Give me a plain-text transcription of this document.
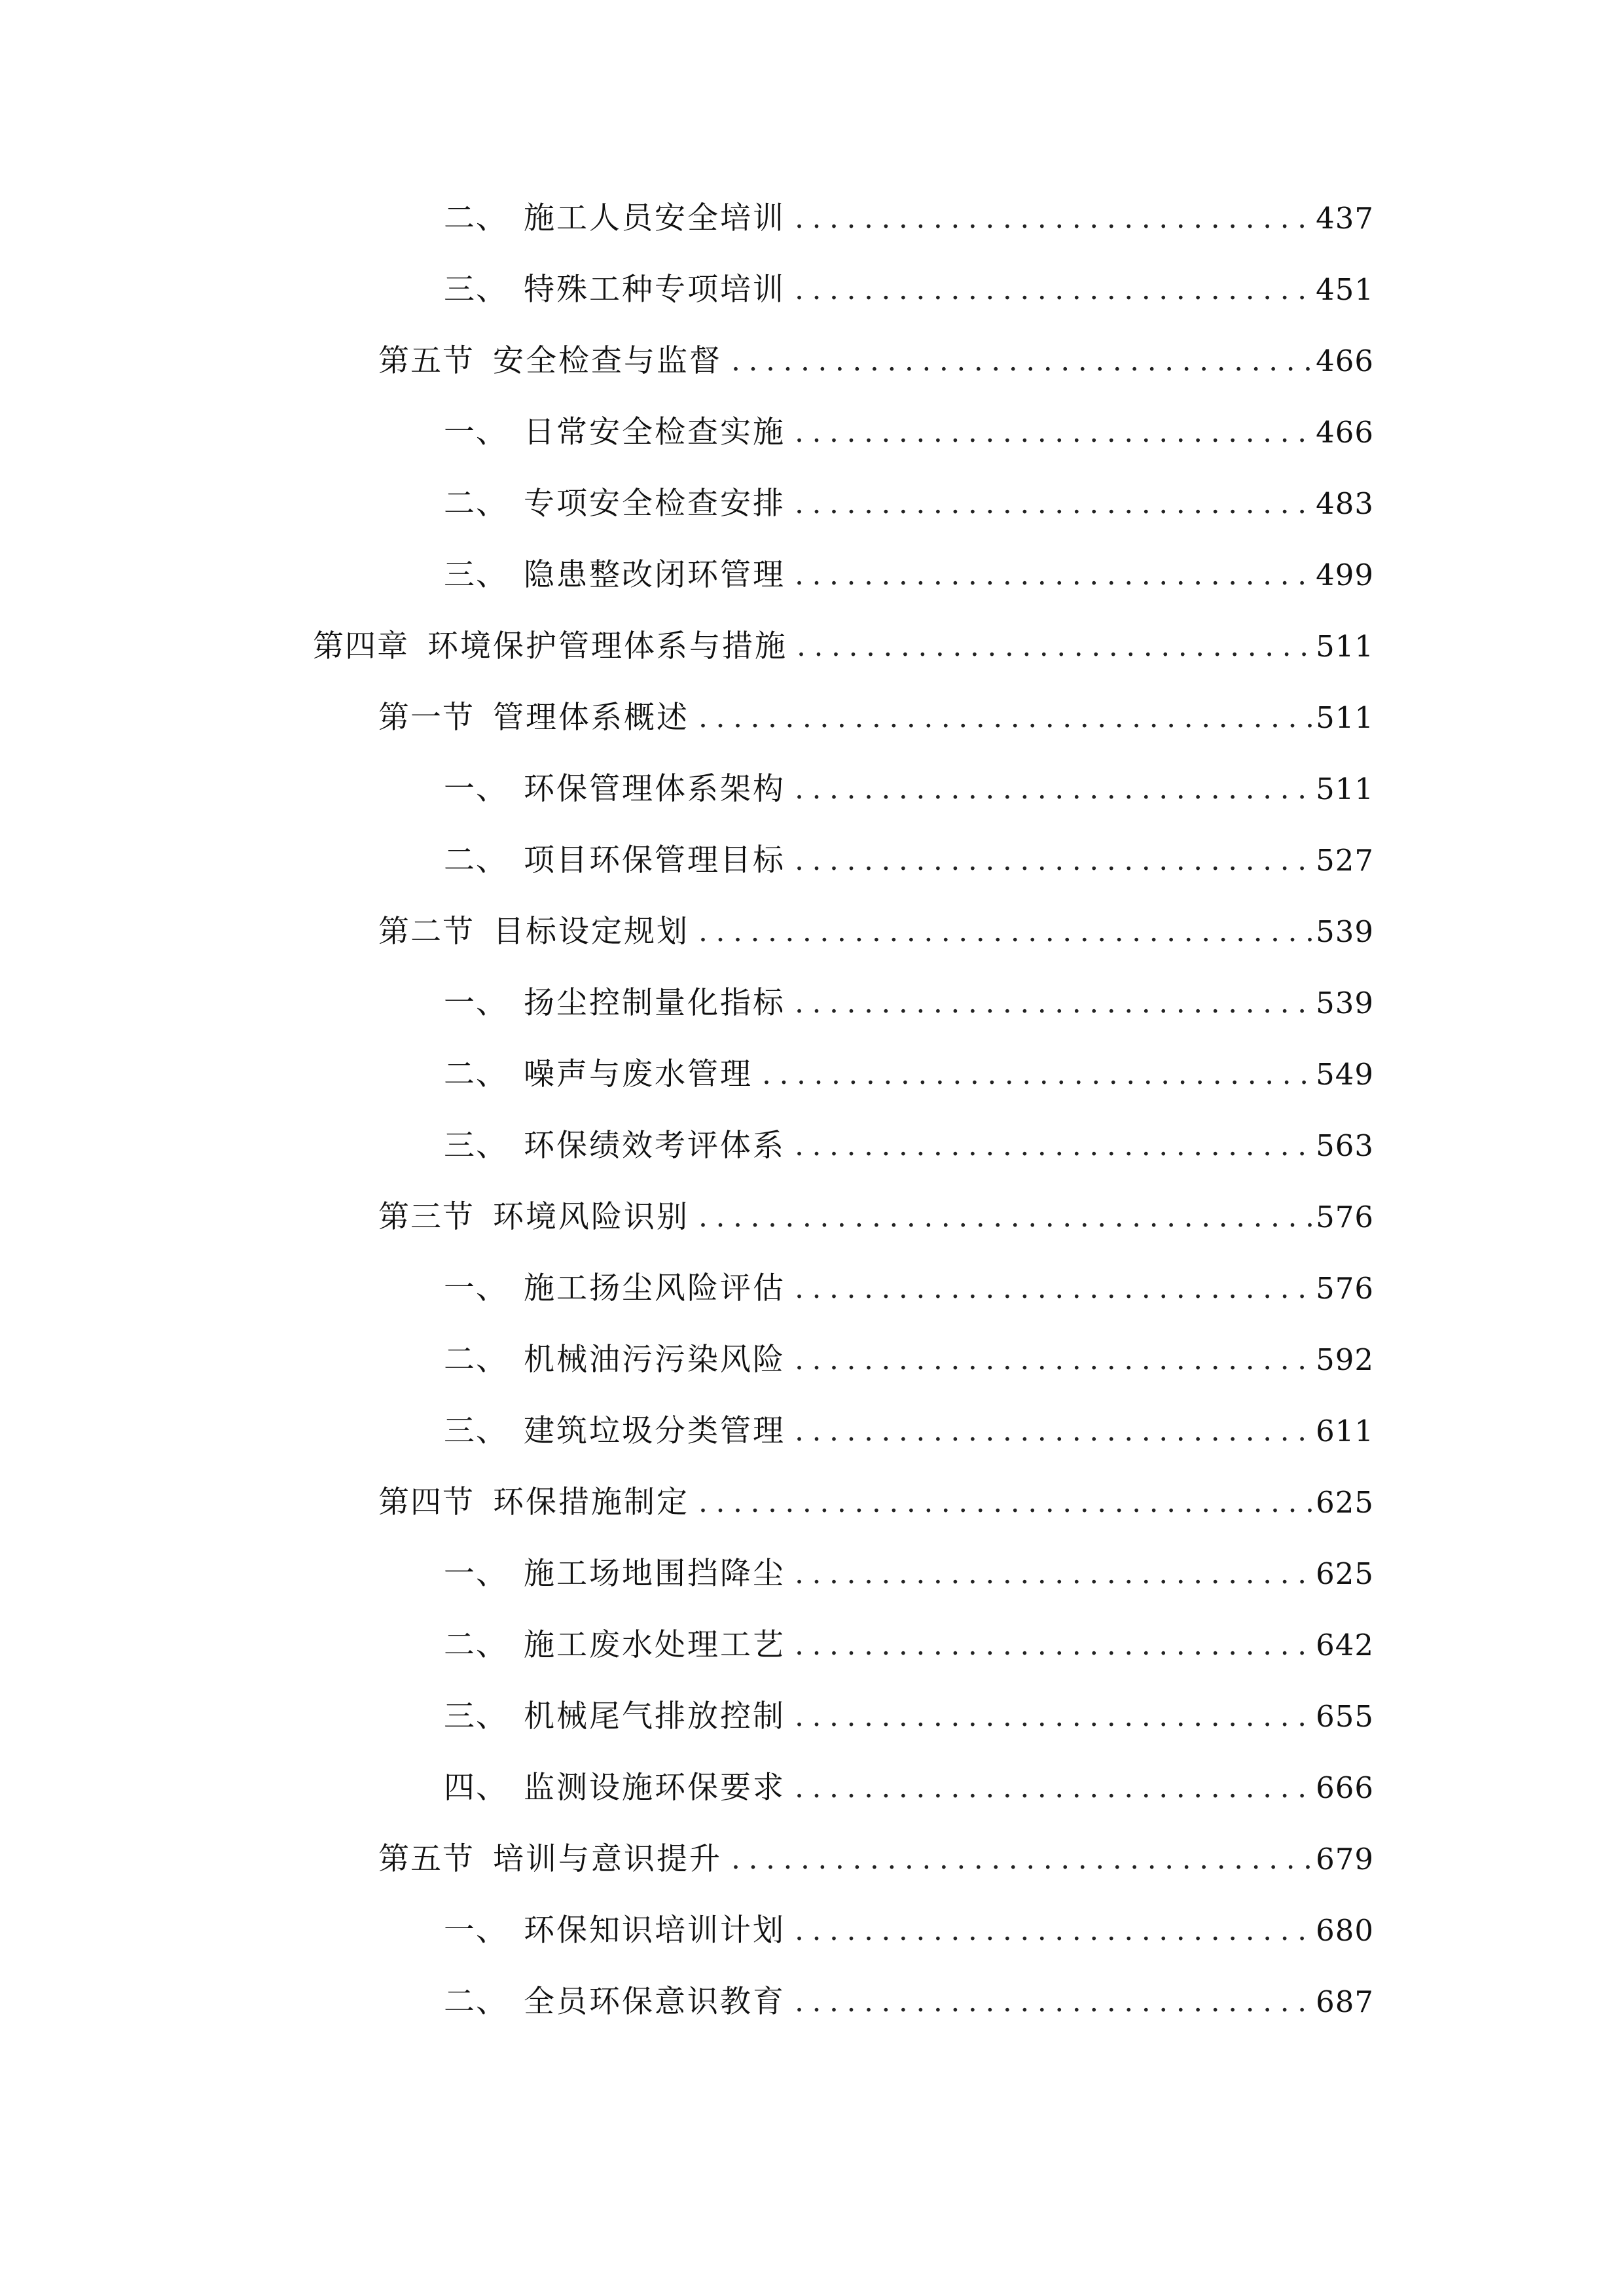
二、 施工人员安全培训 .....	437
三、 特殊工种专项培训 .....	451
第五节 安全检查与监督 .....	466
一、 日常安全检查实施 .....	466
二、 专项安全检查安排 .....	483
三、 隐患整改闭环管理 .....	499
第四章 环境保护管理体系与措施 .....	511
第一节 管理体系概述 .....	511
一、 环保管理体系架构 .....	511
二、 项目环保管理目标 .....	527
第二节 目标设定规划 .....	539
一、 扬尘控制量化指标 .....	539
二、 噪声与废水管理 .....	549
三、 环保绩效考评体系 .....	563
第三节 环境风险识别 .....	576
一、 施工扬尘风险评估 .....	576
二、 机械油污污染风险 .....	592
三、 建筑垃圾分类管理 .....	611
第四节 环保措施制定 .....	625
一、 施工场地围挡降尘 .....	625
二、 施工废水处理工艺 .....	642
三、 机械尾气排放控制 .....	655
四、 监测设施环保要求 .....	666
第五节 培训与意识提升 .....	679
一、 环保知识培训计划 .....	680
二、 全员环保意识教育 .....	687
